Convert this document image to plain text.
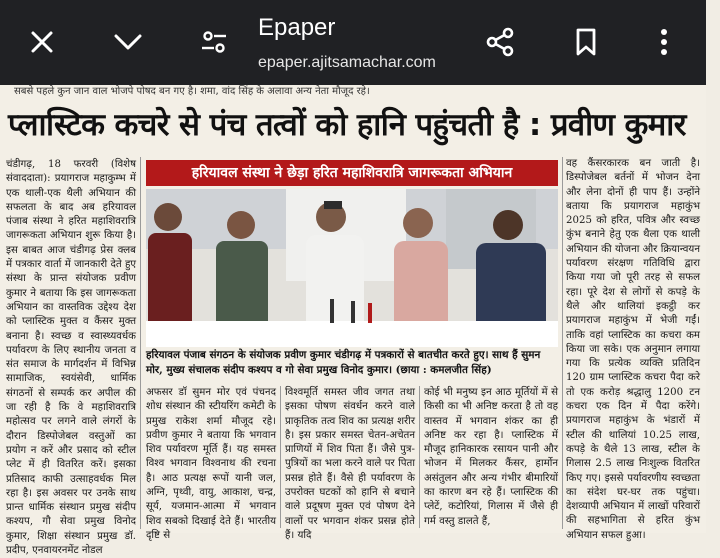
Epaper
epaper.ajitsamachar.com
सबसे पहले कुन जान वाल भोजपे पोषद बन गए है। शमा, वांद सिंह के अलावा अन्य नेता मौजूद रहे।
प्लास्टिक कचरे से पंच तत्वों को हानि पहुंचती है : प्रवीण कुमार
चंडीगढ़, 18 फरवरी (विशेष संवाददाता): प्रयागराज महाकुम्भ में एक थाली-एक थैली अभियान की सफलता के बाद अब हरियावल पंजाब संस्था ने हरित महाशिवरात्रि जागरूकता अभियान शुरू किया है। इस बाबत आज चंडीगढ़ प्रेस क्लब में पत्रकार वार्ता में जानकारी देते हुए संस्था के प्रान्त संयोजक प्रवीण कुमार ने बताया कि इस जागरूकता अभियान का वास्तविक उद्देश्य देश को प्लास्टिक मुक्त व कैंसर मुक्त बनाना है। स्वच्छ व स्वास्थ्यवर्धक पर्यावरण के लिए स्थानीय जनता व संत समाज के मार्गदर्शन में विभिन्न सामाजिक, स्वयंसेवी, धार्मिक संगठनों से सम्पर्क कर अपील की जा रही है कि वे महाशिवरात्रि महोत्सव पर लगने वाले लंगरों के दौरान डिस्पोजेबल वस्तुओं का प्रयोग न करें और प्रसाद को स्टील प्लेट में ही वितरित करें। इसका प्रतिसाद काफी उत्साहवर्धक मिल रहा है। इस अवसर पर उनके साथ प्रान्त धार्मिक संस्थान प्रमुख संदीप कश्यप, गौ सेवा प्रमुख विनोद कुमार, शिक्षा संस्थान प्रमुख डॉ. प्रदीप, एनवायरनमेंट नोडल
हरियावल संस्था ने छेड़ा हरित महाशिवरात्रि जागरूकता अभियान
हरियावल पंजाब संगठन के संयोजक प्रवीण कुमार चंडीगढ़ में पत्रकारों से बातचीत करते हुए। साथ हैं सुमन मोर, मुख्य संचालक संदीप कश्यप व गो सेवा प्रमुख विनोद कुमार। (छाया : कमलजीत सिंह)
अफसर डॉ सुमन मोर एवं पंचनद शोध संस्थान की स्टीयरिंग कमेटी के प्रमुख राकेश शर्मा मौजूद रहे। प्रवीण कुमार ने बताया कि भगवान शिव पर्यावरण मूर्ति हैं। यह समस्त विश्व भगवान विश्वनाथ की रचना है। आठ प्रत्यक्ष रूपों यानी जल, अग्नि, पृथ्वी, वायु, आकाश, चन्द्र, सूर्य, यजमान-आत्मा में भगवान शिव सबको दिखाई देते हैं। भारतीय दृष्टि से
विश्वमूर्ति समस्त जीव जगत तथा इसका पोषण संवर्धन करने वाले प्राकृतिक तत्व शिव का प्रत्यक्ष शरीर है। इस प्रकार समस्त चेतन-अचेतन प्राणियों में शिव पिता हैं। जैसे पुत्र-पुत्रियों का भला करने वाले पर पिता प्रसन्न होते हैं। वैसे ही पर्यावरण के उपरोक्त घटकों को हानि से बचाने वाले प्रदूषण मुक्त एवं पोषण देने वालों पर भगवान शंकर प्रसन्न होते हैं। यदि
कोई भी मनुष्य इन आठ मूर्तियों में से किसी का भी अनिष्ट करता है तो वह वास्तव में भगवान शंकर का ही अनिष्ट कर रहा है। प्लास्टिक में मौजूद हानिकारक रसायन पानी और भोजन में मिलकर कैंसर, हार्मोन असंतुलन और अन्य गंभीर बीमारियों का कारण बन रहे हैं। प्लास्टिक की प्लेटें, कटोरियां, गिलास में जैसे ही गर्म वस्तु डालते हैं,
वह कैंसरकारक बन जाती है। डिस्पोजेबल बर्तनों में भोजन देना और लेना दोनों ही पाप हैं। उन्होंने बताया कि प्रयागराज महाकुंभ 2025 को हरित, पवित्र और स्वच्छ कुंभ बनाने हेतु एक थैला एक थाली अभियान की योजना और क्रियान्वयन पर्यावरण संरक्षण गतिविधि द्वारा किया गया जो पूरी तरह से सफल रहा। पूरे देश से लोगों से कपड़े के थैले और थालियां इकट्ठी कर प्रयागराज महाकुंभ में भेजी गईं। ताकि वहां प्लास्टिक का कचरा कम किया जा सके। एक अनुमान लगाया गया कि प्रत्येक व्यक्ति प्रतिदिन 120 ग्राम प्लास्टिक कचरा पैदा करे तो एक करोड़ श्रद्धालु 1200 टन कचरा एक दिन में पैदा करेंगे। प्रयागराज महाकुंभ के भंडारों में स्टील की थालियां 10.25 लाख, कपड़े के थैले 13 लाख, स्टील के गिलास 2.5 लाख निःशुल्क वितरित किए गए। इससे पर्यावरणीय स्वच्छता का संदेश घर-घर तक पहुंचा। देशव्यापी अभियान में लाखों परिवारों की सहभागिता से हरित कुंभ अभियान सफल हुआ।
